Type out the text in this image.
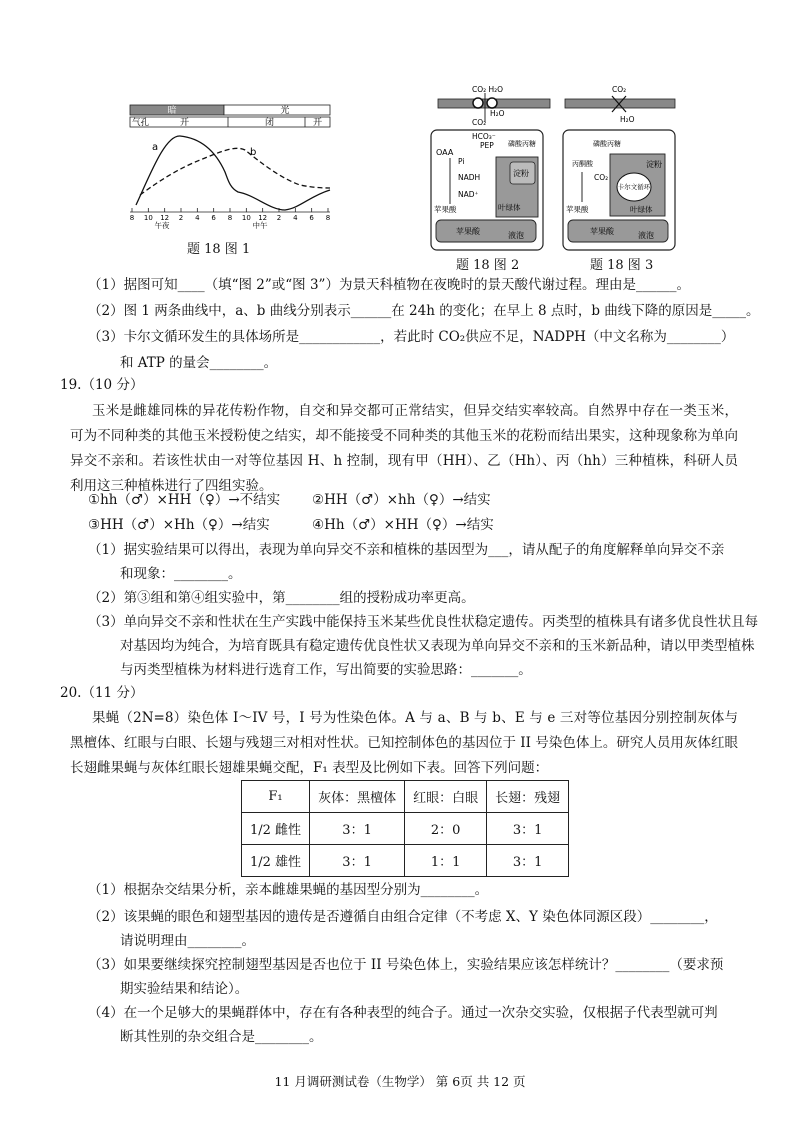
暗	光
气孔	开	闭	开
8 10 12 2 4 6 8 10 12 2 4 6 8
a	b
午夜	中午
题 18 图 1
CO₂ H₂O
H₂O
CO₂
HCO₃⁻
PEP 磷酸丙糖
OAA
Pi
淀粉
叶绿体
NADH
NAD⁺
苹果酸
苹果酸	液泡
题 18 图 2
CO₂
H₂O
磷酸丙糖
丙酮酸	淀粉
CO₂
卡尔文循环
叶绿体
苹果酸
苹果酸	液泡
题 18 图 3
（1）据图可知____（填“图 2”或“图 3”）为景天科植物在夜晚时的景天酸代谢过程。理由是______。
（2）图 1 两条曲线中，a、b 曲线分别表示______在 24h 的变化；在早上 8 点时，b 曲线下降的原因是_____。
（3）卡尔文循环发生的具体场所是____________，若此时 CO₂供应不足，NADPH（中文名称为________）
和 ATP 的量会________。
19.（10 分）
玉米是雌雄同株的异花传粉作物，自交和异交都可正常结实，但异交结实率较高。自然界中存在一类玉米，可为不同种类的其他玉米授粉使之结实，却不能接受不同种类的其他玉米的花粉而结出果实，这种现象称为单向异交不亲和。若该性状由一对等位基因 H、h 控制，现有甲（HH）、乙（Hh）、丙（hh）三种植株，科研人员利用这三种植株进行了四组实验。
①hh（♂）×HH（♀）→不结实	②HH（♂）×hh（♀）→结实
③HH（♂）×Hh（♀）→结实	④Hh（♂）×HH（♀）→结实
（1）据实验结果可以得出，表现为单向异交不亲和植株的基因型为___，请从配子的角度解释单向异交不亲
和现象：________。
（2）第③组和第④组实验中，第________组的授粉成功率更高。
（3）单向异交不亲和性状在生产实践中能保持玉米某些优良性状稳定遗传。丙类型的植株具有诸多优良性状且每
对基因均为纯合，为培育既具有稳定遗传优良性状又表现为单向异交不亲和的玉米新品种，请以甲类型植株
与丙类型植株为材料进行选育工作，写出简要的实验思路：_______。
20.（11 分）
果蝇（2N=8）染色体 I～IV 号，I 号为性染色体。A 与 a、B 与 b、E 与 e 三对等位基因分别控制灰体与黑檀体、红眼与白眼、长翅与残翅三对相对性状。已知控制体色的基因位于 II 号染色体上。研究人员用灰体红眼长翅雌果蝇与灰体红眼长翅雄果蝇交配，F₁ 表型及比例如下表。回答下列问题：
F₁	灰体：黑檀体	红眼：白眼	长翅：残翅
1/2 雌性	3：1	2：0	3：1
1/2 雄性	3：1	1：1	3：1
（1）根据杂交结果分析，亲本雌雄果蝇的基因型分别为________。
（2）该果蝇的眼色和翅型基因的遗传是否遵循自由组合定律（不考虑 X、Y 染色体同源区段）________，
请说明理由________。
（3）如果要继续探究控制翅型基因是否也位于 II 号染色体上，实验结果应该怎样统计？________（要求预
期实验结果和结论）。
（4）在一个足够大的果蝇群体中，存在有各种表型的纯合子。通过一次杂交实验，仅根据子代表型就可判
断其性别的杂交组合是________。
11 月调研测试卷（生物学） 第 6页 共 12 页
